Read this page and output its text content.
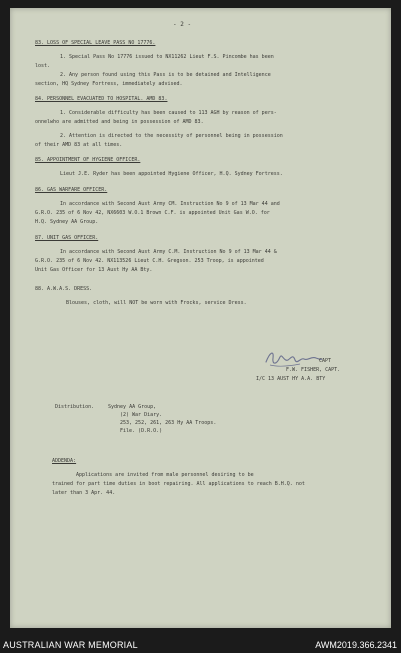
- 2 -
83. LOSS OF SPECIAL LEAVE PASS NO 17776.
1. Special Pass No 17776 issued to NX11262 Lieut F.S. Pincombe has been
lost.
2. Any person found using this Pass is to be detained and Intelligence
section, HQ Sydney Fortress, immediately advised.
84. PERSONNEL EVACUATED TO HOSPITAL. AMD 83.
1. Considerable difficulty has been caused to 113 AGH by reason of pers-
onnelwho are admitted and being in possession of AMD 83.
2. Attention is directed to the necessity of personnel being in possession
of their AMD 83 at all times.
85. APPOINTMENT OF HYGIENE OFFICER.
Lieut J.E. Ryder has been appointed Hygiene Officer, H.Q. Sydney Fortress.
86. GAS WARFARE OFFICER.
In accordance with Second Aust Army CM. Instruction No 9 of 13 Mar 44 and
G.R.O. 235 of 6 Nov 42, NX6603 W.O.1 Brown C.F. is appointed Unit Gas W.O. for
H.Q. Sydney AA Group.
87. UNIT GAS OFFICER.
In accordance with Second Aust Army C.M. Instruction No 9 of 13 Mar 44 &
G.R.O. 235 of 6 Nov 42. NX113526 Lieut C.H. Gregson. 253 Troop, is appointed
Unit Gas Officer for 13 Aust Hy AA Bty.
88. A.W.A.S. DRESS.
Blouses, cloth, will NOT be worn with Frocks, service Dress.
CAPT
F.W. FISHER, CAPT.
I/C 13 AUST HY A.A. BTY
Distribution.	Sydney AA Group,
(2) War Diary.
253, 252, 261, 263 Hy AA Troops.
File. (D.R.O.)
ADDENDA:
Applications are invited from male personnel desiring to be
trained for part time duties in boot repairing. All applications to reach B.H.Q. not
later than 3 Apr. 44.
AUSTRALIAN WAR MEMORIAL	AWM2019.366.2341
